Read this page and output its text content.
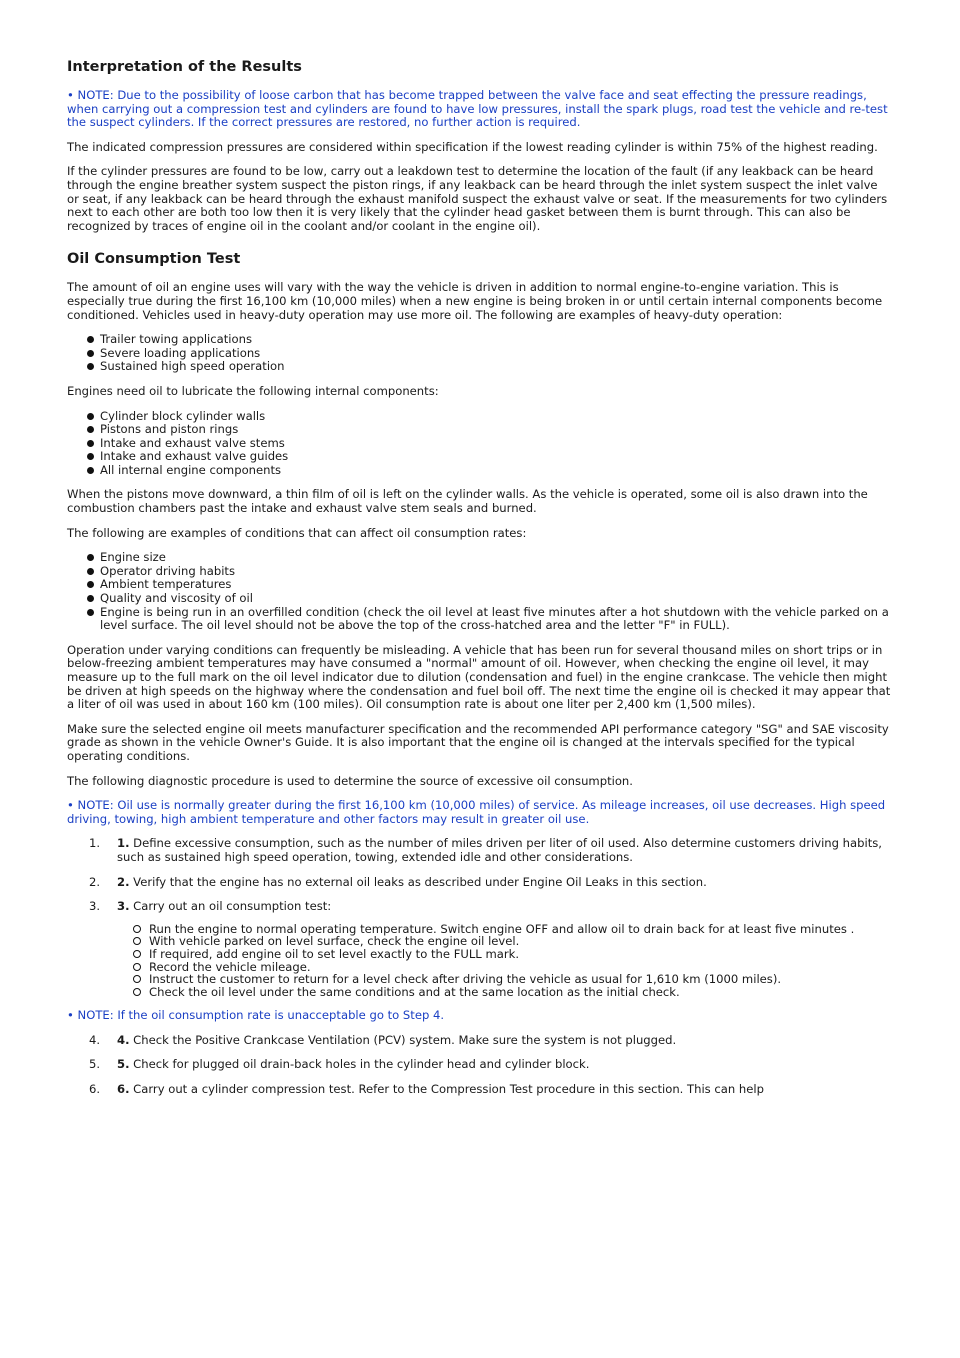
Interpretation of the Results

• NOTE: Due to the possibility of loose carbon that has become trapped between the valve face and seat effecting the pressure readings, when carrying out a compression test and cylinders are found to have low pressures, install the spark plugs, road test the vehicle and re-test the suspect cylinders. If the correct pressures are restored, no further action is required.

The indicated compression pressures are considered within specification if the lowest reading cylinder is within 75% of the highest reading.

If the cylinder pressures are found to be low, carry out a leakdown test to determine the location of the fault (if any leakback can be heard through the engine breather system suspect the piston rings, if any leakback can be heard through the inlet system suspect the inlet valve or seat, if any leakback can be heard through the exhaust manifold suspect the exhaust valve or seat. If the measurements for two cylinders next to each other are both too low then it is very likely that the cylinder head gasket between them is burnt through. This can also be recognized by traces of engine oil in the coolant and/or coolant in the engine oil).

Oil Consumption Test

The amount of oil an engine uses will vary with the way the vehicle is driven in addition to normal engine-to-engine variation. This is especially true during the first 16,100 km (10,000 miles) when a new engine is being broken in or until certain internal components become conditioned. Vehicles used in heavy-duty operation may use more oil. The following are examples of heavy-duty operation:

Trailer towing applications
Severe loading applications
Sustained high speed operation

Engines need oil to lubricate the following internal components:

Cylinder block cylinder walls
Pistons and piston rings
Intake and exhaust valve stems
Intake and exhaust valve guides
All internal engine components

When the pistons move downward, a thin film of oil is left on the cylinder walls. As the vehicle is operated, some oil is also drawn into the combustion chambers past the intake and exhaust valve stem seals and burned.

The following are examples of conditions that can affect oil consumption rates:

Engine size
Operator driving habits
Ambient temperatures
Quality and viscosity of oil
Engine is being run in an overfilled condition (check the oil level at least five minutes after a hot shutdown with the vehicle parked on a level surface. The oil level should not be above the top of the cross-hatched area and the letter "F" in FULL).

Operation under varying conditions can frequently be misleading. A vehicle that has been run for several thousand miles on short trips or in below-freezing ambient temperatures may have consumed a "normal" amount of oil. However, when checking the engine oil level, it may measure up to the full mark on the oil level indicator due to dilution (condensation and fuel) in the engine crankcase. The vehicle then might be driven at high speeds on the highway where the condensation and fuel boil off. The next time the engine oil is checked it may appear that a liter of oil was used in about 160 km (100 miles). Oil consumption rate is about one liter per 2,400 km (1,500 miles).

Make sure the selected engine oil meets manufacturer specification and the recommended API performance category "SG" and SAE viscosity grade as shown in the vehicle Owner's Guide. It is also important that the engine oil is changed at the intervals specified for the typical operating conditions.

The following diagnostic procedure is used to determine the source of excessive oil consumption.

• NOTE: Oil use is normally greater during the first 16,100 km (10,000 miles) of service. As mileage increases, oil use decreases. High speed driving, towing, high ambient temperature and other factors may result in greater oil use.

1. 1. Define excessive consumption, such as the number of miles driven per liter of oil used. Also determine customers driving habits, such as sustained high speed operation, towing, extended idle and other considerations.
2. 2. Verify that the engine has no external oil leaks as described under Engine Oil Leaks in this section.
3. 3. Carry out an oil consumption test:
Run the engine to normal operating temperature. Switch engine OFF and allow oil to drain back for at least five minutes .
With vehicle parked on level surface, check the engine oil level.
If required, add engine oil to set level exactly to the FULL mark.
Record the vehicle mileage.
Instruct the customer to return for a level check after driving the vehicle as usual for 1,610 km (1000 miles).
Check the oil level under the same conditions and at the same location as the initial check.

• NOTE: If the oil consumption rate is unacceptable go to Step 4.

4. 4. Check the Positive Crankcase Ventilation (PCV) system. Make sure the system is not plugged.
5. 5. Check for plugged oil drain-back holes in the cylinder head and cylinder block.
6. 6. Carry out a cylinder compression test. Refer to the Compression Test procedure in this section. This can help
